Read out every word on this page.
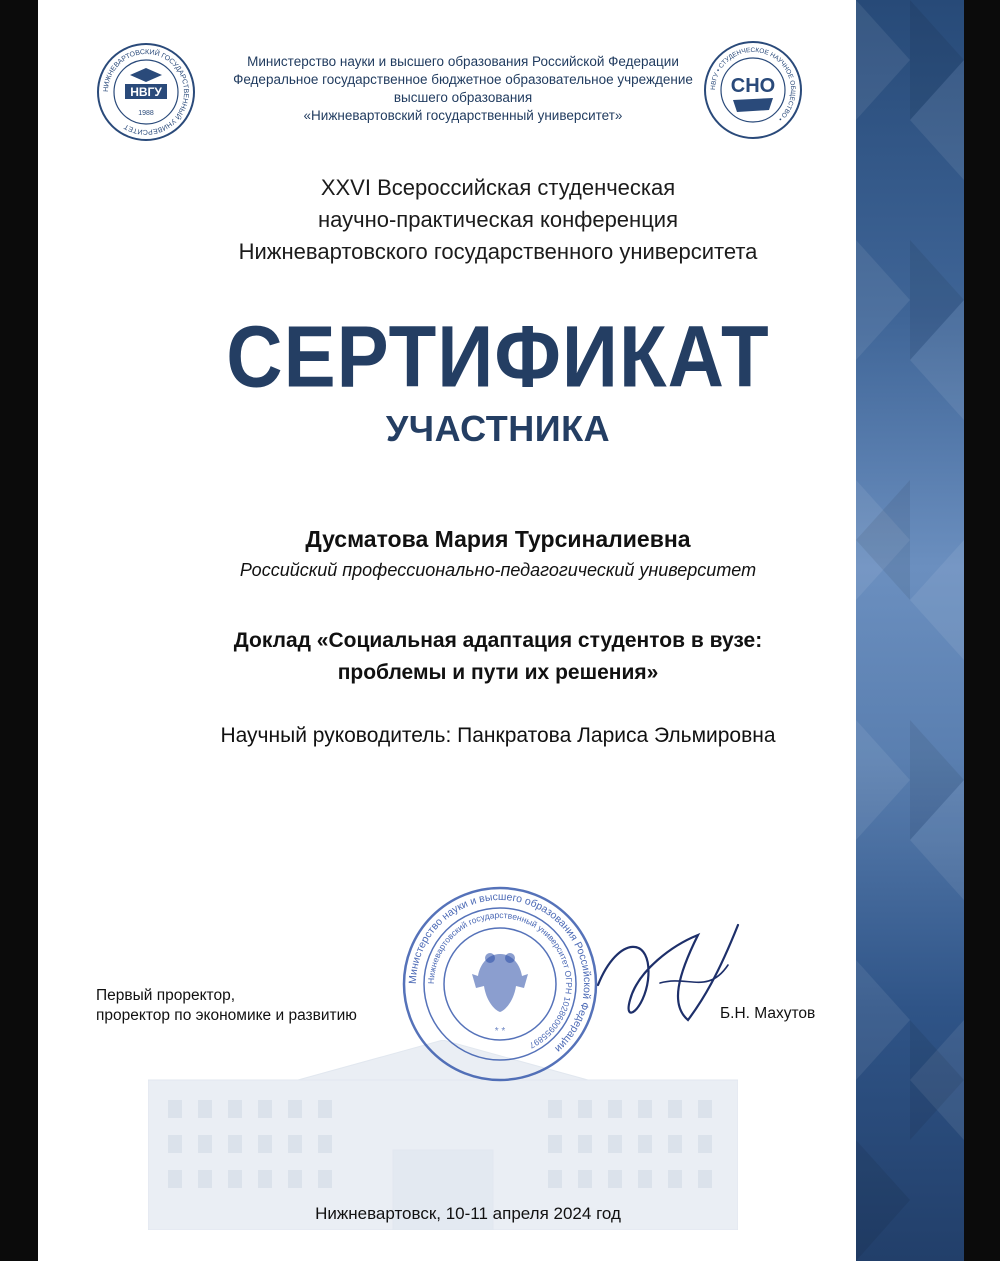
НИЖНЕВАРТОВСКИЙ ГОСУДАРСТВЕННЫЙ УНИВЕРСИТЕТ
НВГУ
1988
НВГУ • СТУДЕНЧЕСКОЕ НАУЧНОЕ ОБЩЕСТВО •
СНО
Министерство науки и высшего образования Российской Федерации
Федеральное государственное бюджетное образовательное учреждение
высшего образования
«Нижневартовский государственный университет»
XXVI Всероссийская студенческая
научно-практическая конференция
Нижневартовского государственного университета
СЕРТИФИКАТ
УЧАСТНИКА
Дусматова Мария Турсиналиевна
Российский профессионально-педагогический университет
Доклад «Социальная адаптация студентов в вузе:
проблемы и пути их решения»
Научный руководитель: Панкратова Лариса Эльмировна
Первый проректор,
проректор по экономике и развитию
Министерство науки и высшего образования Российской Федерации
Нижневартовский государственный университет ОГРН 1028600955897
* *
Б.Н. Махутов
Нижневартовск, 10-11 апреля 2024 год
